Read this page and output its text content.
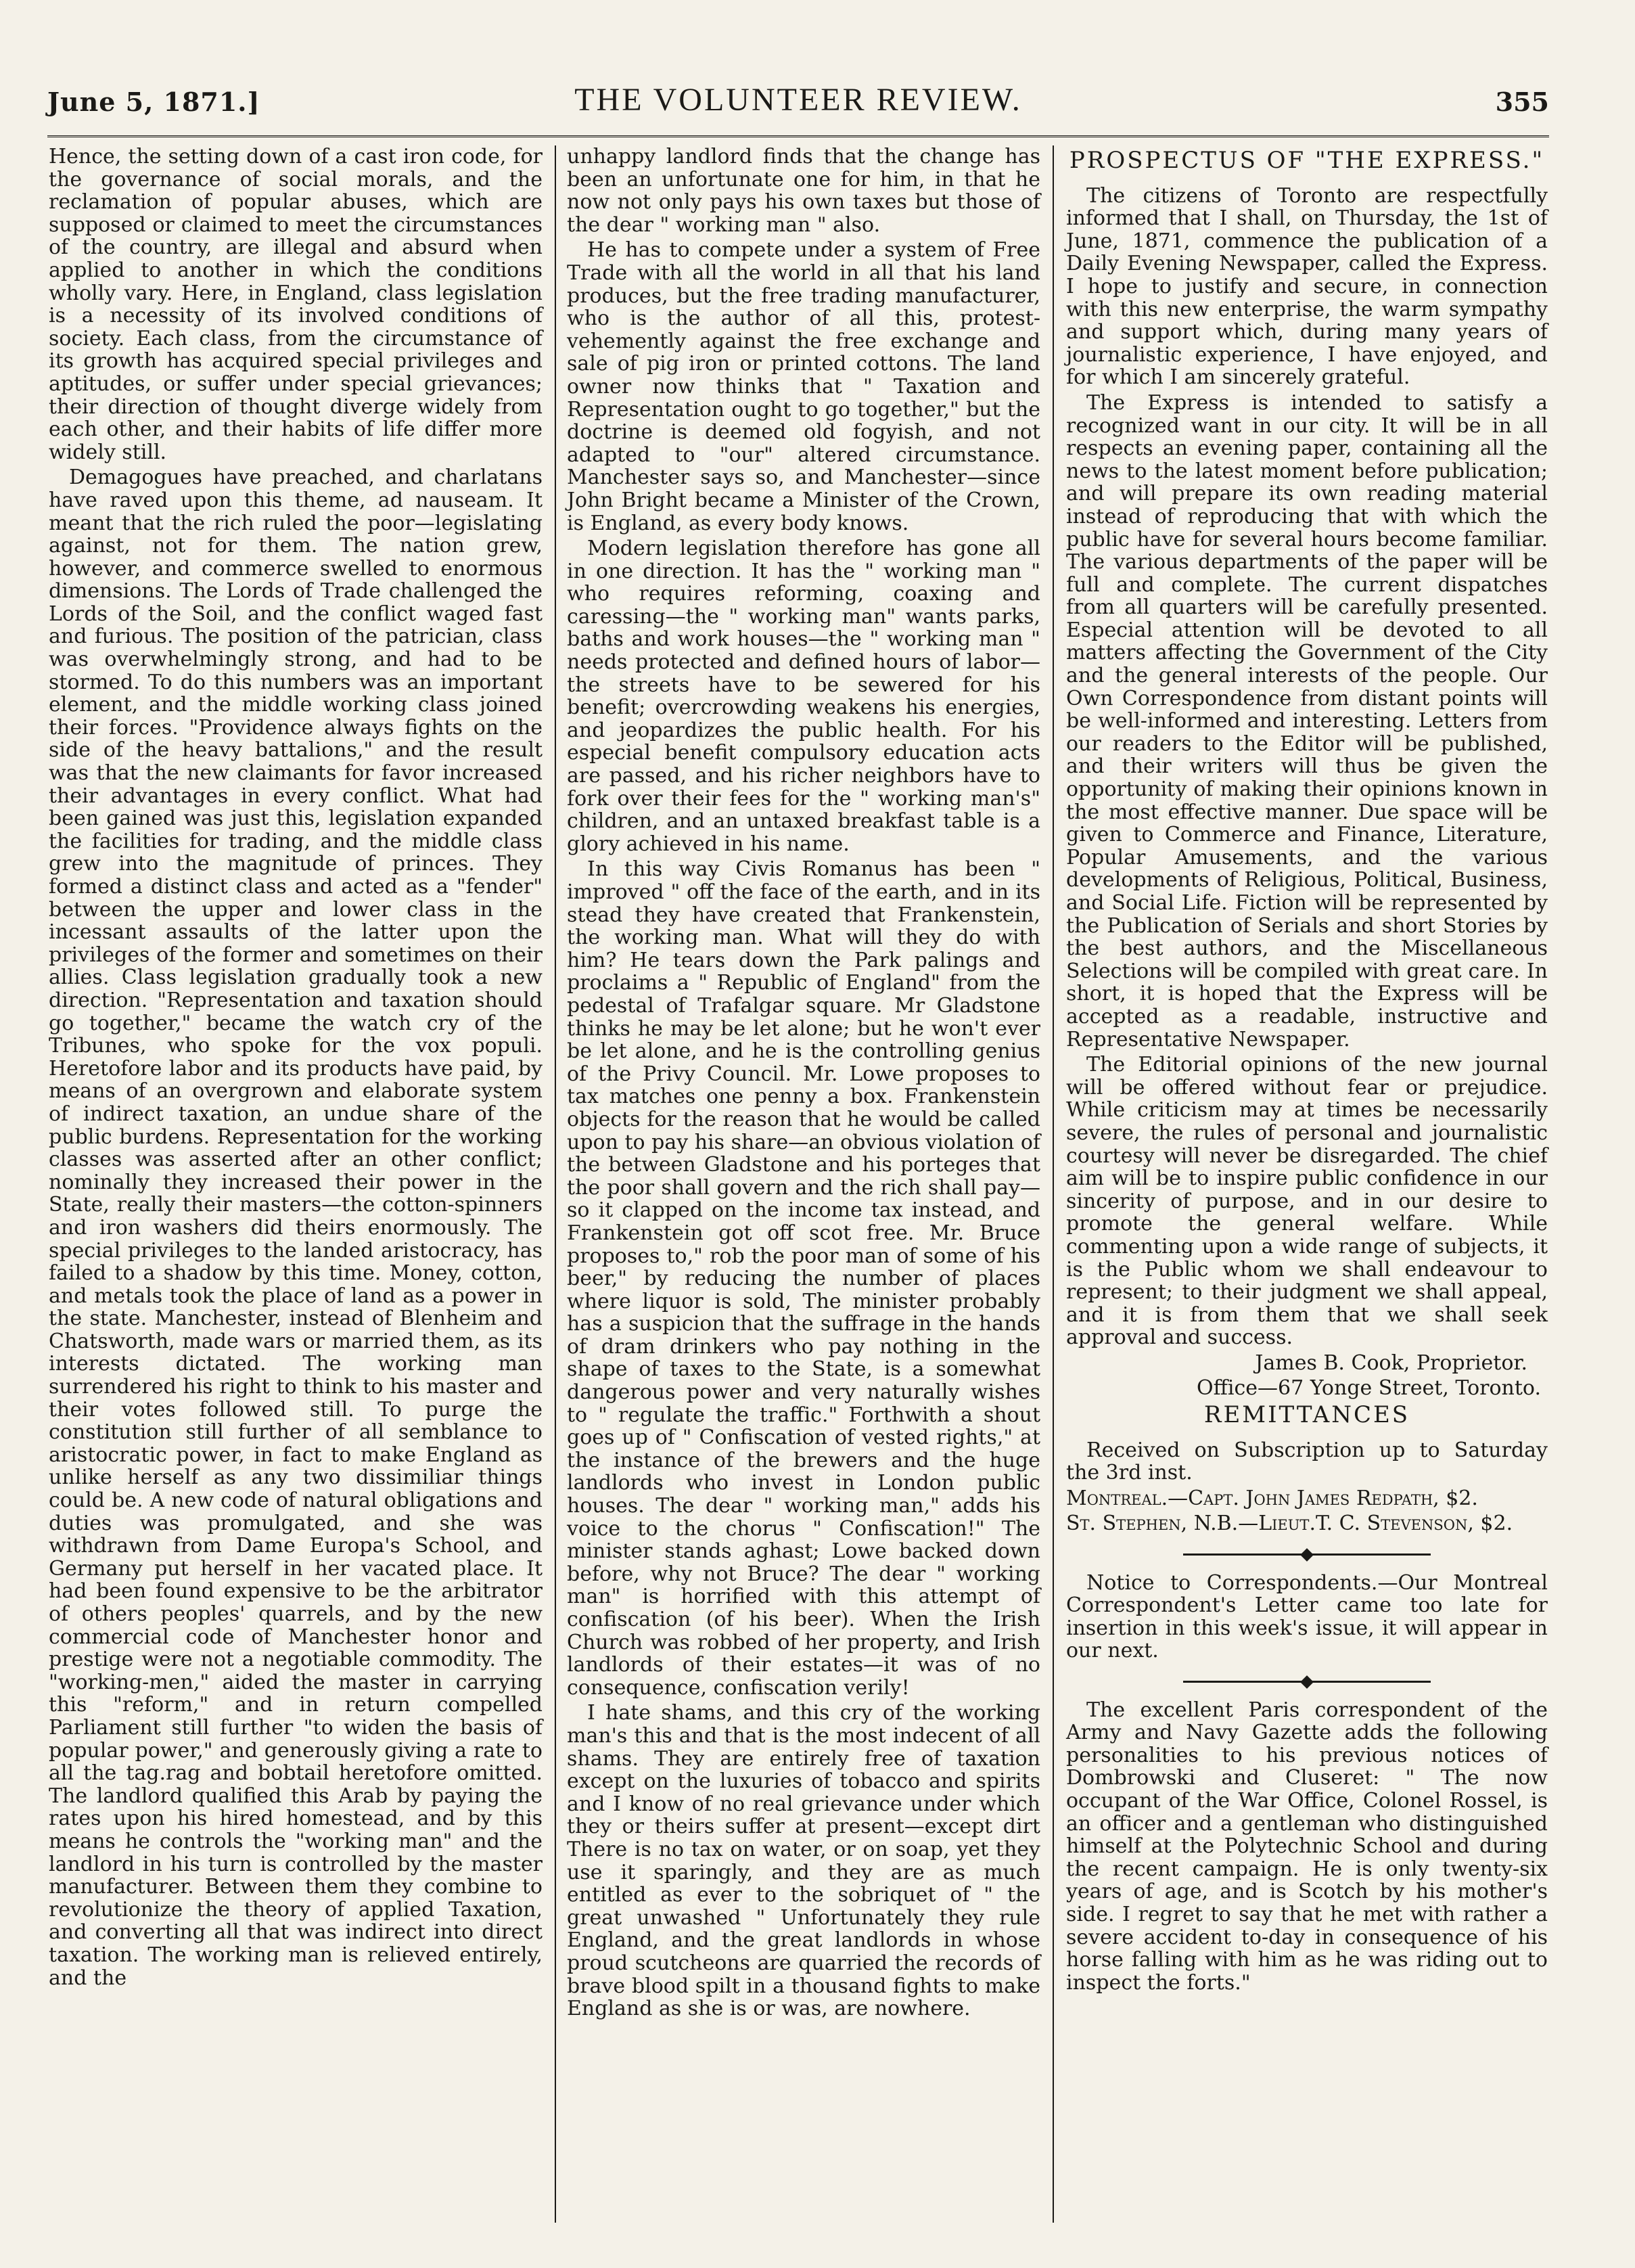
June 5, 1871.]	THE VOLUNTEER REVIEW.	355

Hence, the setting down of a cast iron code, for the governance of social morals, and the reclamation of popular abuses, which are supposed or claimed to meet the circumstances of the country, are illegal and absurd when applied to another in which the conditions wholly vary. Here, in England, class legislation is a necessity of its involved conditions of society. Each class, from the circumstance of its growth has acquired special privileges and aptitudes, or suffer under special grievances; their direction of thought diverge widely from each other, and their habits of life differ more widely still.

Demagogues have preached, and charlatans have raved upon this theme, ad nauseam. It meant that the rich ruled the poor—legislating against, not for them. The nation grew, however, and commerce swelled to enormous dimensions. The Lords of Trade challenged the Lords of the Soil, and the conflict waged fast and furious. The position of the patrician, class was overwhelmingly strong, and had to be stormed. To do this numbers was an important element, and the middle working class joined their forces. "Providence always fights on the side of the heavy battalions," and the result was that the new claimants for favor increased their advantages in every conflict. What had been gained was just this, legislation expanded the facilities for trading, and the middle class grew into the magnitude of princes. They formed a distinct class and acted as a "fender" between the upper and lower class in the incessant assaults of the latter upon the privileges of the former and sometimes on their allies. Class legislation gradually took a new direction. "Representation and taxation should go together," became the watch cry of the Tribunes, who spoke for the vox populi. Heretofore labor and its products have paid, by means of an overgrown and elaborate system of indirect taxation, an undue share of the public burdens. Representation for the working classes was asserted after an other conflict; nominally they increased their power in the State, really their masters—the cotton-spinners and iron washers did theirs enormously. The special privileges to the landed aristocracy, has failed to a shadow by this time. Money, cotton, and metals took the place of land as a power in the state. Manchester, instead of Blenheim and Chatsworth, made wars or married them, as its interests dictated. The working man surrendered his right to think to his master and their votes followed still. To purge the constitution still further of all semblance to aristocratic power, in fact to make England as unlike herself as any two dissimiliar things could be. A new code of natural obligations and duties was promulgated, and she was withdrawn from Dame Europa's School, and Germany put herself in her vacated place. It had been found expensive to be the arbitrator of others peoples' quarrels, and by the new commercial code of Manchester honor and prestige were not a negotiable commodity. The "working-men," aided the master in carrying this "reform," and in return compelled Parliament still further "to widen the basis of popular power," and generously giving a rate to all the tag.rag and bobtail heretofore omitted. The landlord qualified this Arab by paying the rates upon his hired homestead, and by this means he controls the "working man" and the landlord in his turn is controlled by the master manufacturer. Between them they combine to revolutionize the theory of applied Taxation, and converting all that was indirect into direct taxation. The working man is relieved entirely, and the

unhappy landlord finds that the change has been an unfortunate one for him, in that he now not only pays his own taxes but those of the dear " working man " also.

He has to compete under a system of Free Trade with all the world in all that his land produces, but the free trading manufacturer, who is the author of all this, protest-vehemently against the free exchange and sale of pig iron or printed cottons. The land owner now thinks that " Taxation and Representation ought to go together," but the doctrine is deemed old fogyish, and not adapted to "our" altered circumstance. Manchester says so, and Manchester—since John Bright became a Minister of the Crown, is England, as every body knows.

Modern legislation therefore has gone all in one direction. It has the " working man " who requires reforming, coaxing and caressing—the " working man" wants parks, baths and work houses—the " working man " needs protected and defined hours of labor—the streets have to be sewered for his benefit; overcrowding weakens his energies, and jeopardizes the public health. For his especial benefit compulsory education acts are passed, and his richer neighbors have to fork over their fees for the " working man's" children, and an untaxed breakfast table is a glory achieved in his name.

In this way Civis Romanus has been " improved " off the face of the earth, and in its stead they have created that Frankenstein, the working man. What will they do with him? He tears down the Park palings and proclaims a " Republic of England" from the pedestal of Trafalgar square. Mr Gladstone thinks he may be let alone; but he won't ever be let alone, and he is the controlling genius of the Privy Council. Mr. Lowe proposes to tax matches one penny a box. Frankenstein objects for the reason that he would be called upon to pay his share—an obvious violation of the between Gladstone and his porteges that the poor shall govern and the rich shall pay—so it clapped on the income tax instead, and Frankenstein got off scot free. Mr. Bruce proposes to," rob the poor man of some of his beer," by reducing the number of places where liquor is sold, The minister probably has a suspicion that the suffrage in the hands of dram drinkers who pay nothing in the shape of taxes to the State, is a somewhat dangerous power and very naturally wishes to " regulate the traffic." Forthwith a shout goes up of " Confiscation of vested rights," at the instance of the brewers and the huge landlords who invest in London public houses. The dear " working man," adds his voice to the chorus " Confiscation!" The minister stands aghast; Lowe backed down before, why not Bruce? The dear " working man" is horrified with this attempt of confiscation (of his beer). When the Irish Church was robbed of her property, and Irish landlords of their estates—it was of no consequence, confiscation verily!

I hate shams, and this cry of the working man's this and that is the most indecent of all shams. They are entirely free of taxation except on the luxuries of tobacco and spirits and I know of no real grievance under which they or theirs suffer at present—except dirt There is no tax on water, or on soap, yet they use it sparingly, and they are as much entitled as ever to the sobriquet of " the great unwashed " Unfortunately they rule England, and the great landlords in whose proud scutcheons are quarried the records of brave blood spilt in a thousand fights to make England as she is or was, are nowhere.

PROSPECTUS OF "THE EXPRESS."

The citizens of Toronto are respectfully informed that I shall, on Thursday, the 1st of June, 1871, commence the publication of a Daily Evening Newspaper, called the Express. I hope to justify and secure, in connection with this new enterprise, the warm sympathy and support which, during many years of journalistic experience, I have enjoyed, and for which I am sincerely grateful.

The Express is intended to satisfy a recognized want in our city. It will be in all respects an evening paper, containing all the news to the latest moment before publication; and will prepare its own reading material instead of reproducing that with which the public have for several hours become familiar. The various departments of the paper will be full and complete. The current dispatches from all quarters will be carefully presented. Especial attention will be devoted to all matters affecting the Government of the City and the general interests of the people. Our Own Correspondence from distant points will be well-informed and interesting. Letters from our readers to the Editor will be published, and their writers will thus be given the opportunity of making their opinions known in the most effective manner. Due space will be given to Commerce and Finance, Literature, Popular Amusements, and the various developments of Religious, Political, Business, and Social Life. Fiction will be represented by the Publication of Serials and short Stories by the best authors, and the Miscellaneous Selections will be compiled with great care. In short, it is hoped that the Express will be accepted as a readable, instructive and Representative Newspaper.

The Editorial opinions of the new journal will be offered without fear or prejudice. While criticism may at times be necessarily severe, the rules of personal and journalistic courtesy will never be disregarded. The chief aim will be to inspire public confidence in our sincerity of purpose, and in our desire to promote the general welfare. While commenting upon a wide range of subjects, it is the Public whom we shall endeavour to represent; to their judgment we shall appeal, and it is from them that we shall seek approval and success.

James B. Cook, Proprietor.

Office—67 Yonge Street, Toronto.

REMITTANCES

Received on Subscription up to Saturday the 3rd inst.

Montreal.—Capt. John James Redpath, $2.

St. Stephen, N.B.—Lieut.T. C. Stevenson, $2.

Notice to Correspondents.—Our Montreal Correspondent's Letter came too late for insertion in this week's issue, it will appear in our next.

The excellent Paris correspondent of the Army and Navy Gazette adds the following personalities to his previous notices of Dombrowski and Cluseret: " The now occupant of the War Office, Colonel Rossel, is an officer and a gentleman who distinguished himself at the Polytechnic School and during the recent campaign. He is only twenty-six years of age, and is Scotch by his mother's side. I regret to say that he met with rather a severe accident to-day in consequence of his horse falling with him as he was riding out to inspect the forts."
